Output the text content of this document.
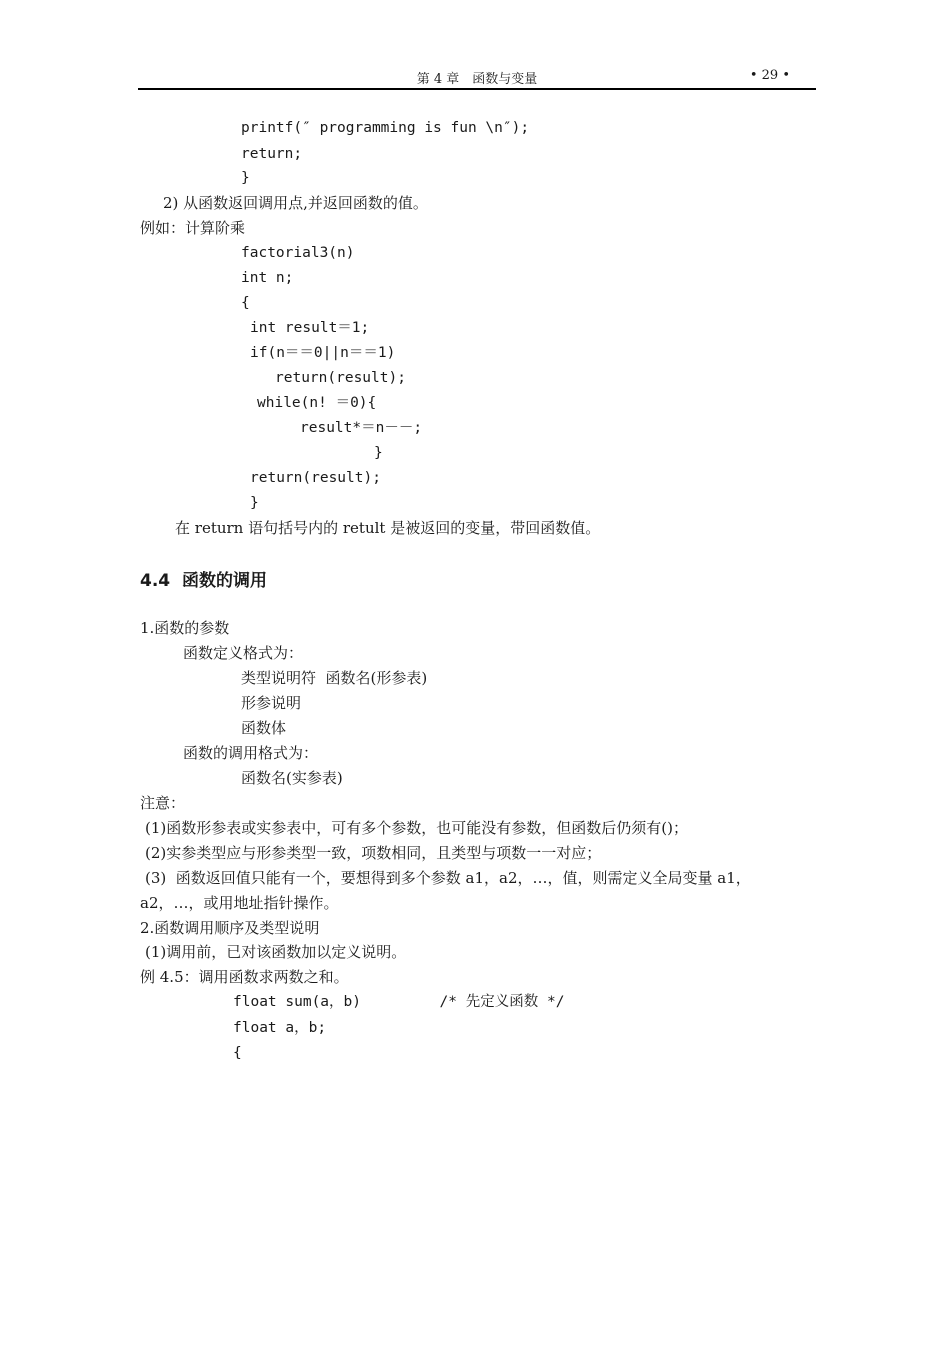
第 4 章　函数与变量	• 29 •
printf(″ programming is fun \n″);
return;
}
2) 从函数返回调用点,并返回函数的值。
例如：计算阶乘
factorial3(n)
int n;
{
int result＝1;
if(n＝＝0||n＝＝1)
return(result);
while(n! ＝0){
result*＝n－－;
}
return(result);
}
在 return 语句括号内的 retult 是被返回的变量，带回函数值。
4.4  函数的调用
1.函数的参数
函数定义格式为：
类型说明符  函数名(形参表)
形参说明
函数体
函数的调用格式为：
函数名(实参表)
注意：
(1)函数形参表或实参表中，可有多个参数，也可能没有参数，但函数后仍须有()；
(2)实参类型应与形参类型一致，项数相同，且类型与项数一一对应；
(3)  函数返回值只能有一个，要想得到多个参数 a1，a2，…，值，则需定义全局变量 a1，
a2，…，或用地址指针操作。
2.函数调用顺序及类型说明
(1)调用前，已对该函数加以定义说明。
例 4.5：调用函数求两数之和。
float sum(a，b)         /* 先定义函数 */
float a，b;
{
